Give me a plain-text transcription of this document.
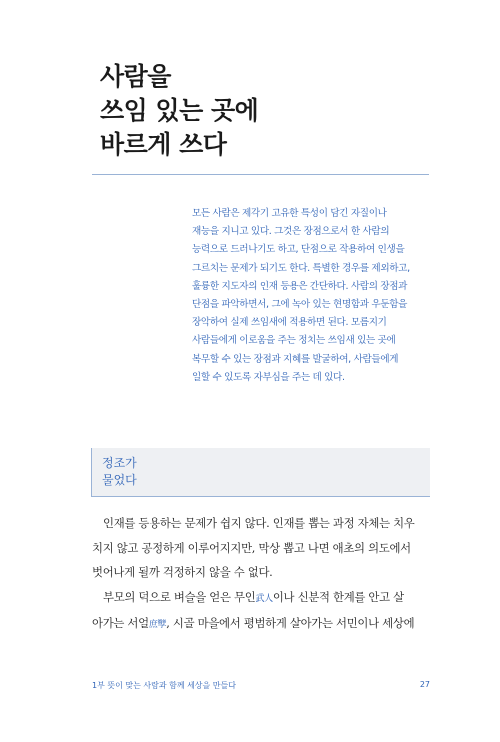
사람을
쓰임 있는 곳에
바르게 쓰다
모든 사람은 제각기 고유한 특성이 담긴 자질이나
재능을 지니고 있다. 그것은 장점으로서 한 사람의
능력으로 드러나기도 하고, 단점으로 작용하여 인생을
그르치는 문제가 되기도 한다. 특별한 경우를 제외하고,
훌륭한 지도자의 인재 등용은 간단하다. 사람의 장점과
단점을 파악하면서, 그에 녹아 있는 현명함과 우둔함을
장악하여 실제 쓰임새에 적용하면 된다. 모름지기
사람들에게 이로움을 주는 정치는 쓰임새 있는 곳에
복무할 수 있는 장점과 지혜를 발굴하여, 사람들에게
일할 수 있도록 자부심을 주는 데 있다.
정조가
물었다
인재를 등용하는 문제가 쉽지 않다. 인재를 뽑는 과정 자체는 치우
치지 않고 공정하게 이루어지지만, 막상 뽑고 나면 애초의 의도에서
벗어나게 될까 걱정하지 않을 수 없다.
부모의 덕으로 벼슬을 얻은 무인武人이나 신분적 한계를 안고 살
아가는 서얼庶孼, 시골 마을에서 평범하게 살아가는 서민이나 세상에
1부 뜻이 맞는 사람과 함께 세상을 만들다	27
